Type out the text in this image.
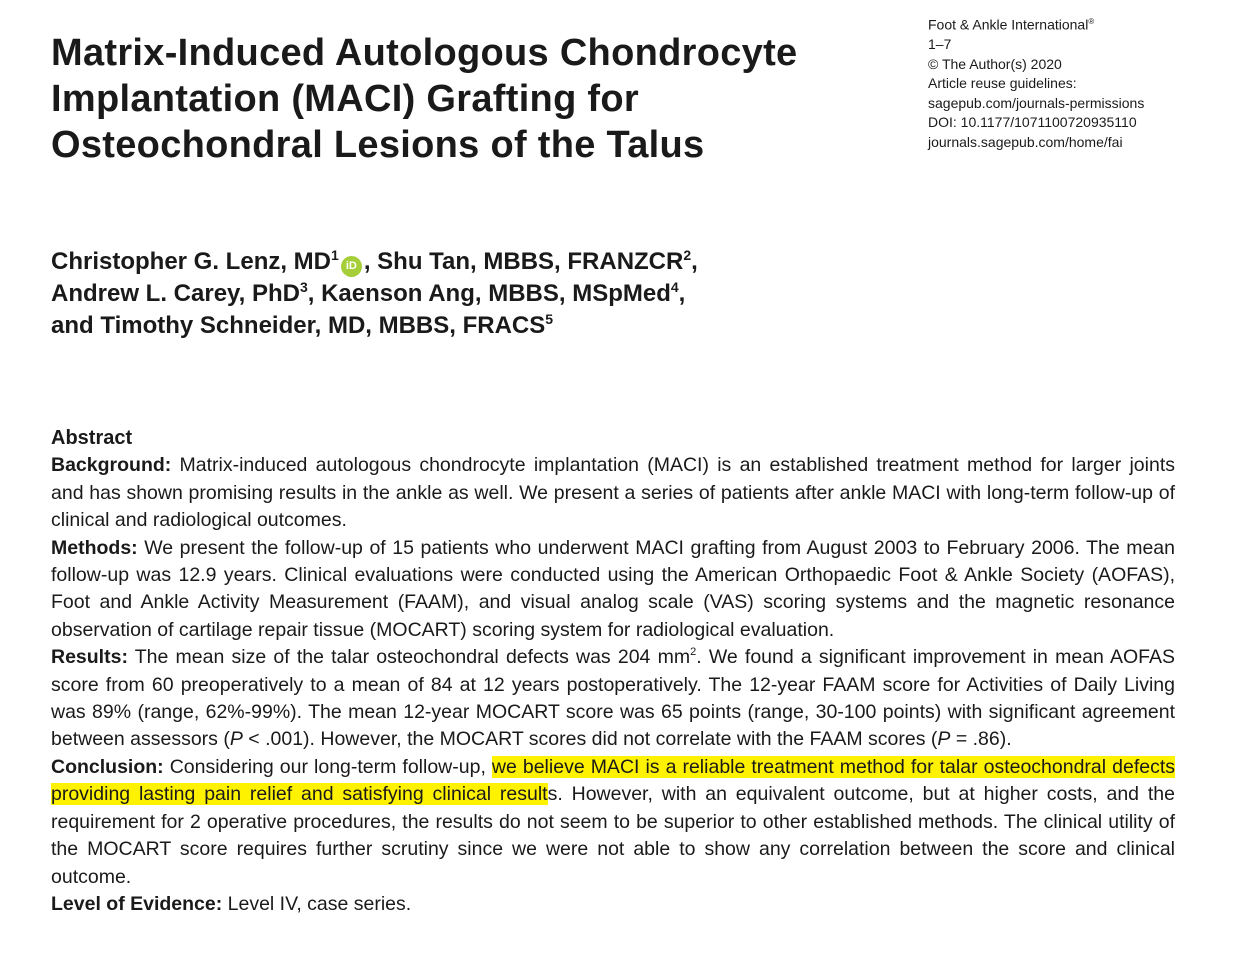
Foot & Ankle International®
1–7
© The Author(s) 2020
Article reuse guidelines:
sagepub.com/journals-permissions
DOI: 10.1177/1071100720935110
journals.sagepub.com/home/fai
Matrix-Induced Autologous Chondrocyte
Implantation (MACI) Grafting for
Osteochondral Lesions of the Talus
Christopher G. Lenz, $MD^1iD$ , Shu Tan, MBBS, FRANZCR$^2$,
Andrew L. Carey, PhD$^3$, Kaenson Ang, MBBS, MSpMed$^4$,
and Timothy Schneider, MD, MBBS, FRACS$^5$

Abstract

Background: Matrix-induced autologous chondrocyte implantation (MACI) is an established treatment method for larger joints and has shown promising results in the ankle as well. We present a series of patients after ankle MACI with long-term follow-up of clinical and radiological outcomes.

Methods: We present the follow-up of 15 patients who underwent MACI grafting from August 2003 to February 2006. The mean follow-up was 12.9 years. Clinical evaluations were conducted using the American Orthopaedic Foot & Ankle Society (AOFAS), Foot and Ankle Activity Measurement (FAAM), and visual analog scale (VAS) scoring systems and the magnetic resonance observation of cartilage repair tissue (MOCART) scoring system for radiological evaluation.

Results: The mean size of the talar osteochondral defects was 204 $mm^2$. We found a significant improvement in mean AOFAS score from 60 preoperatively to a mean of 84 at 12 years postoperatively. The 12-year FAAM score for Activities of Daily Living was 89% (range, 62%-99%). The mean 12-year MOCART score was 65 points (range, 30-100 points) with significant agreement between assessors (P < .001). However, the MOCART scores did not correlate with the FAAM scores (P = .86).

Conclusion: Considering our long-term follow-up, we believe MACI is a reliable treatment method for talar osteochondral defects providing lasting pain relief and satisfying clinical results. However, with an equivalent outcome, but at higher costs, and the requirement for 2 operative procedures, the results do not seem to be superior to other established methods. The clinical utility of the MOCART score requires further scrutiny since we were not able to show any correlation between the score and clinical outcome.

Level of Evidence: Level IV, case series.
